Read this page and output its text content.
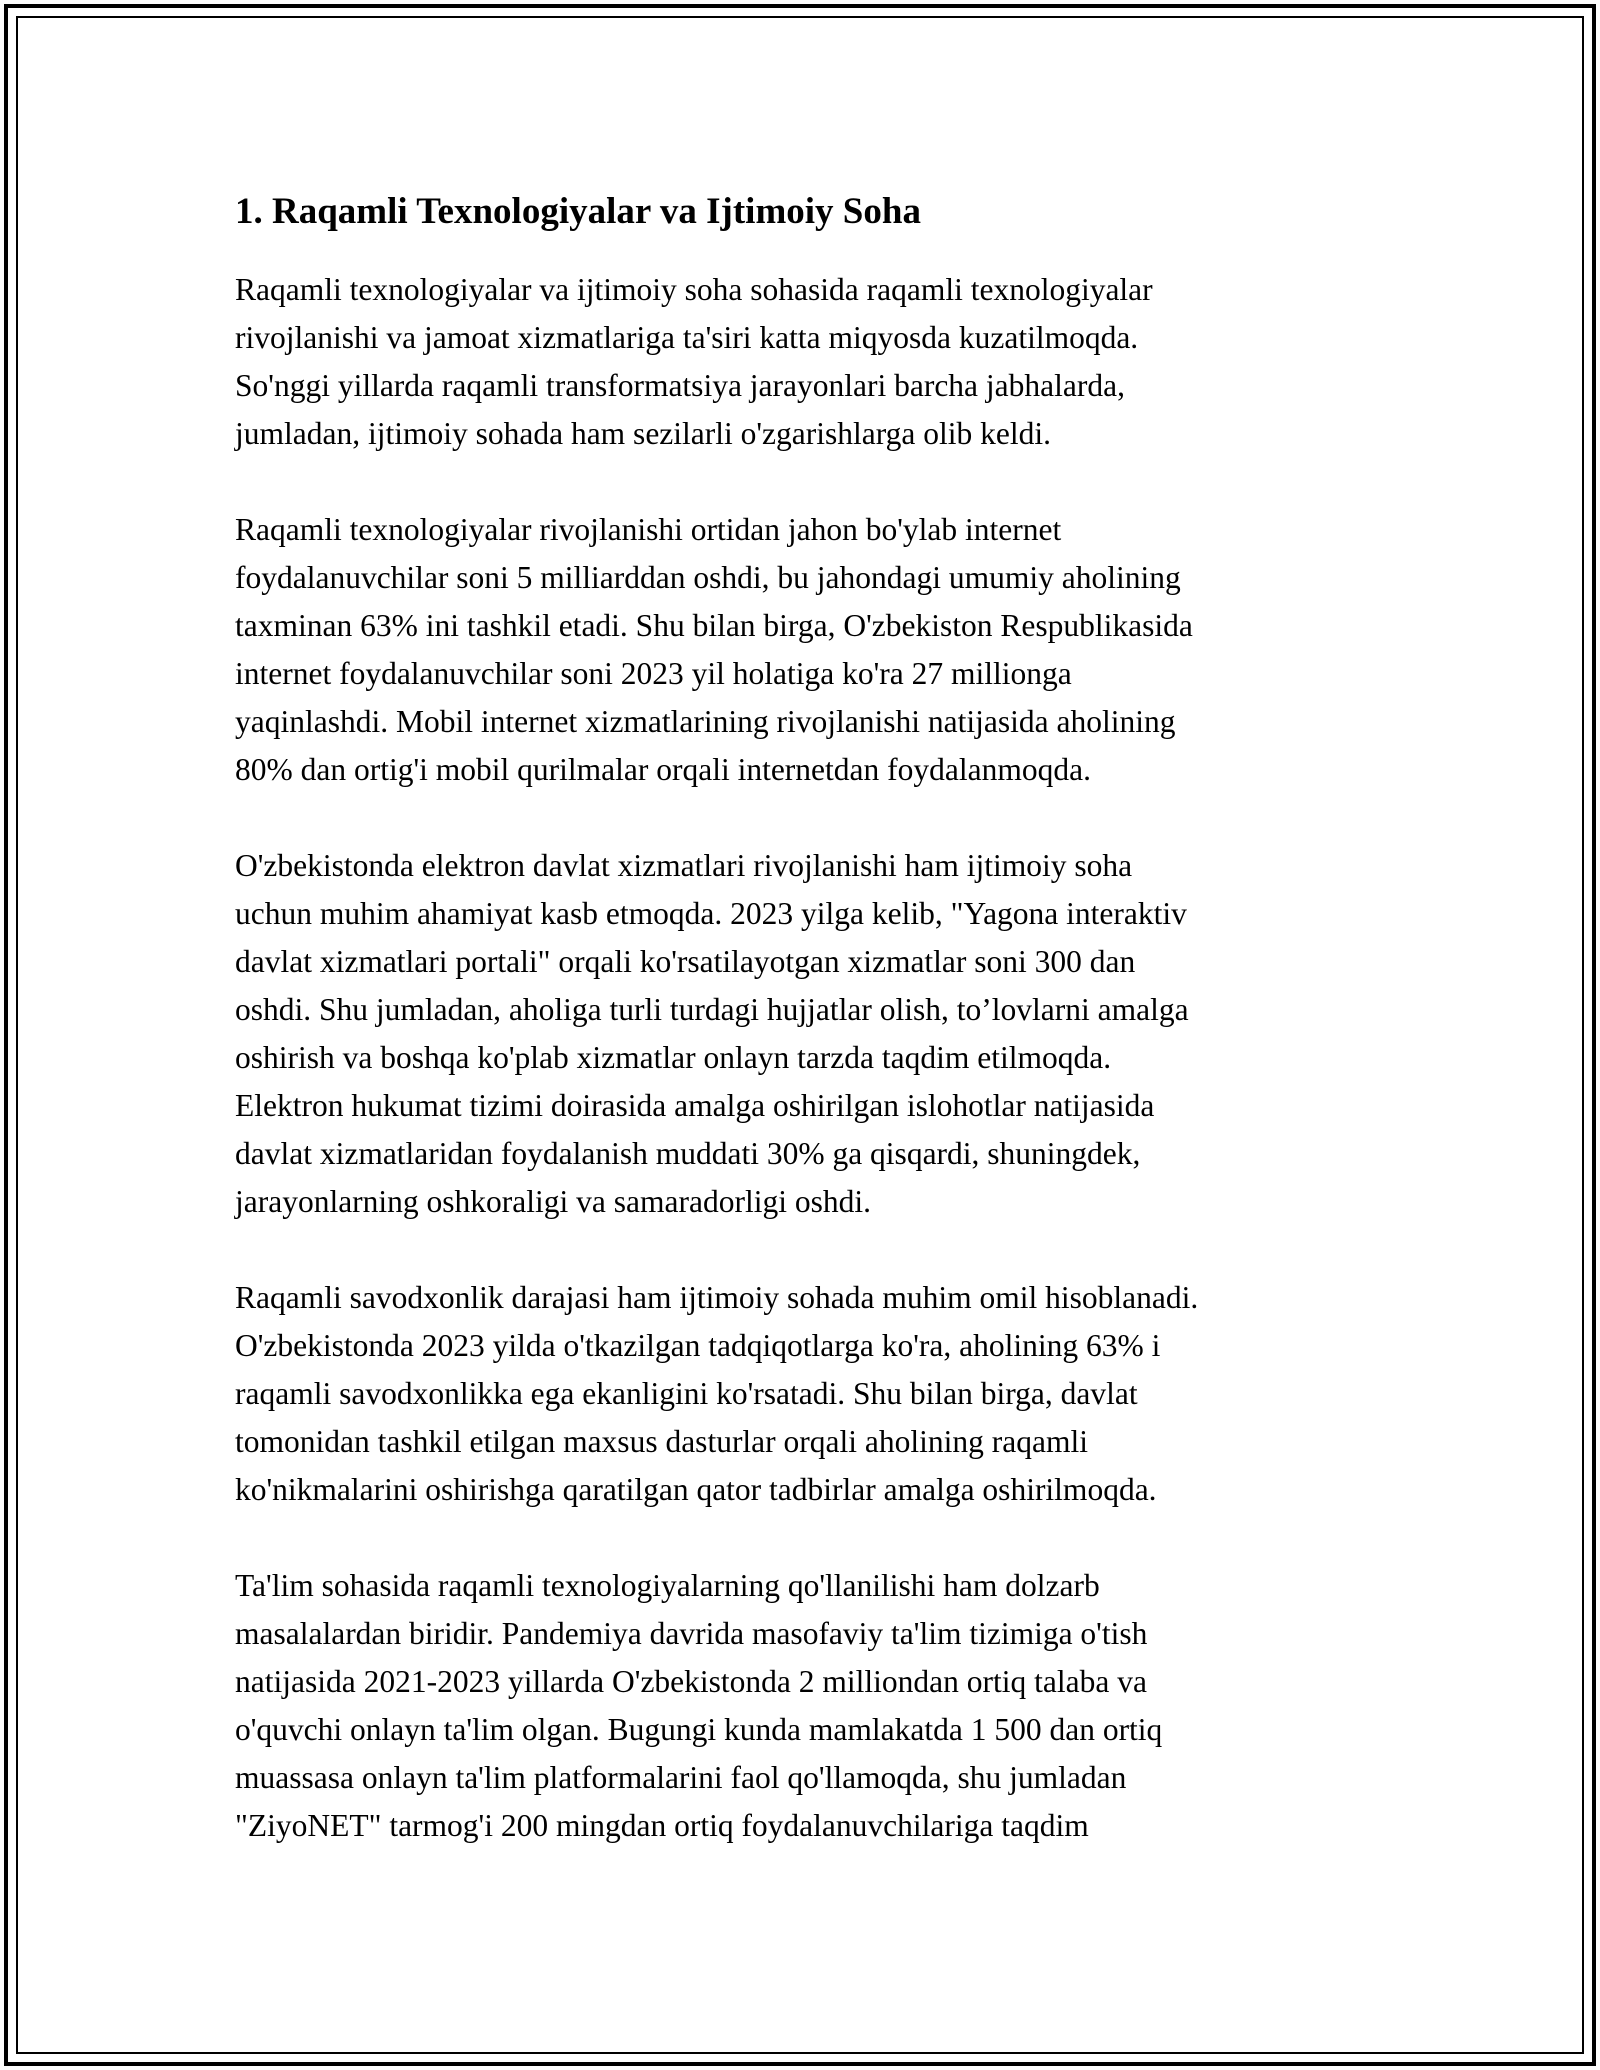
1. Raqamli Texnologiyalar va Ijtimoiy Soha
Raqamli texnologiyalar va ijtimoiy soha sohasida raqamli texnologiyalar
rivojlanishi va jamoat xizmatlariga ta'siri katta miqyosda kuzatilmoqda.
So'nggi yillarda raqamli transformatsiya jarayonlari barcha jabhalarda,
jumladan, ijtimoiy sohada ham sezilarli o'zgarishlarga olib keldi.
Raqamli texnologiyalar rivojlanishi ortidan jahon bo'ylab internet
foydalanuvchilar soni 5 milliarddan oshdi, bu jahondagi umumiy aholining
taxminan 63% ini tashkil etadi. Shu bilan birga, O'zbekiston Respublikasida
internet foydalanuvchilar soni 2023 yil holatiga ko'ra 27 millionga
yaqinlashdi. Mobil internet xizmatlarining rivojlanishi natijasida aholining
80% dan ortig'i mobil qurilmalar orqali internetdan foydalanmoqda.
O'zbekistonda elektron davlat xizmatlari rivojlanishi ham ijtimoiy soha
uchun muhim ahamiyat kasb etmoqda. 2023 yilga kelib, "Yagona interaktiv
davlat xizmatlari portali" orqali ko'rsatilayotgan xizmatlar soni 300 dan
oshdi. Shu jumladan, aholiga turli turdagi hujjatlar olish, to’lovlarni amalga
oshirish va boshqa ko'plab xizmatlar onlayn tarzda taqdim etilmoqda.
Elektron hukumat tizimi doirasida amalga oshirilgan islohotlar natijasida
davlat xizmatlaridan foydalanish muddati 30% ga qisqardi, shuningdek,
jarayonlarning oshkoraligi va samaradorligi oshdi.
Raqamli savodxonlik darajasi ham ijtimoiy sohada muhim omil hisoblanadi.
O'zbekistonda 2023 yilda o'tkazilgan tadqiqotlarga ko'ra, aholining 63% i
raqamli savodxonlikka ega ekanligini ko'rsatadi. Shu bilan birga, davlat
tomonidan tashkil etilgan maxsus dasturlar orqali aholining raqamli
ko'nikmalarini oshirishga qaratilgan qator tadbirlar amalga oshirilmoqda.
Ta'lim sohasida raqamli texnologiyalarning qo'llanilishi ham dolzarb
masalalardan biridir. Pandemiya davrida masofaviy ta'lim tizimiga o'tish
natijasida 2021-2023 yillarda O'zbekistonda 2 milliondan ortiq talaba va
o'quvchi onlayn ta'lim olgan. Bugungi kunda mamlakatda 1 500 dan ortiq
muassasa onlayn ta'lim platformalarini faol qo'llamoqda, shu jumladan
"ZiyoNET" tarmog'i 200 mingdan ortiq foydalanuvchilariga taqdim
